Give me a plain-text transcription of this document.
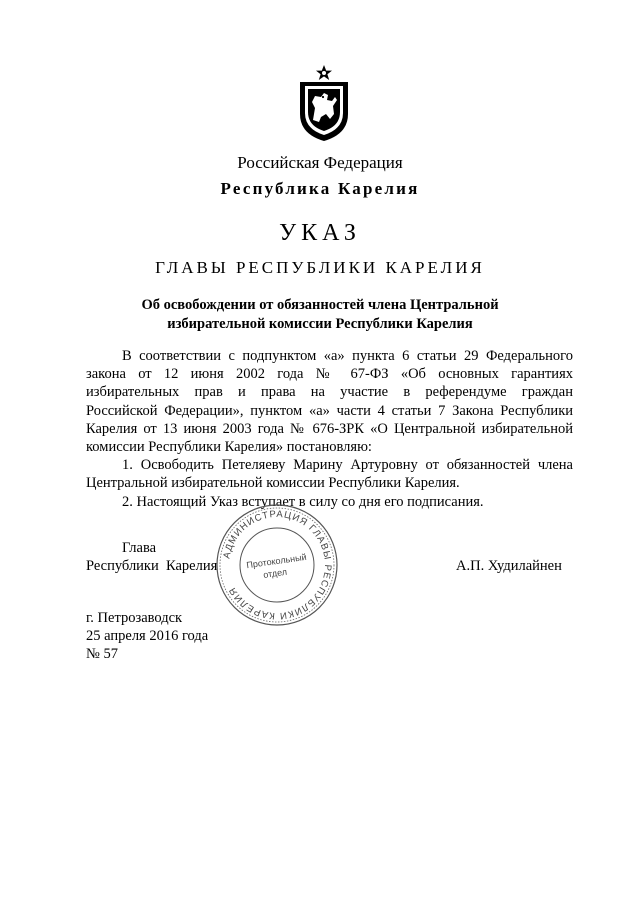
Российская Федерация
Республика Карелия
УКАЗ
ГЛАВЫ РЕСПУБЛИКИ КАРЕЛИЯ
Об освобождении от обязанностей члена Центральной
избирательной комиссии Республики Карелия
В соответствии с подпунктом «а» пункта 6 статьи 29 Федерального
закона от 12 июня 2002 года № 67-ФЗ «Об основных гарантиях
избирательных прав и права на участие в референдуме граждан
Российской Федерации», пунктом «а» части 4 статьи 7 Закона Республики
Карелия от 13 июня 2003 года № 676-ЗРК «О Центральной избирательной
комиссии Республики Карелия» постановляю:
1. Освободить Петеляеву Марину Артуровну от обязанностей члена
Центральной избирательной комиссии Республики Карелия.
2. Настоящий Указ вступает в силу со дня его подписания.
Глава
Республики  Карелия	А.П. Худилайнен
г. Петрозаводск
25 апреля 2016 года
№ 57
АДМИНИСТРАЦИЯ ГЛАВЫ РЕСПУБЛИКИ КАРЕЛИЯ
Протокольный
отдел
